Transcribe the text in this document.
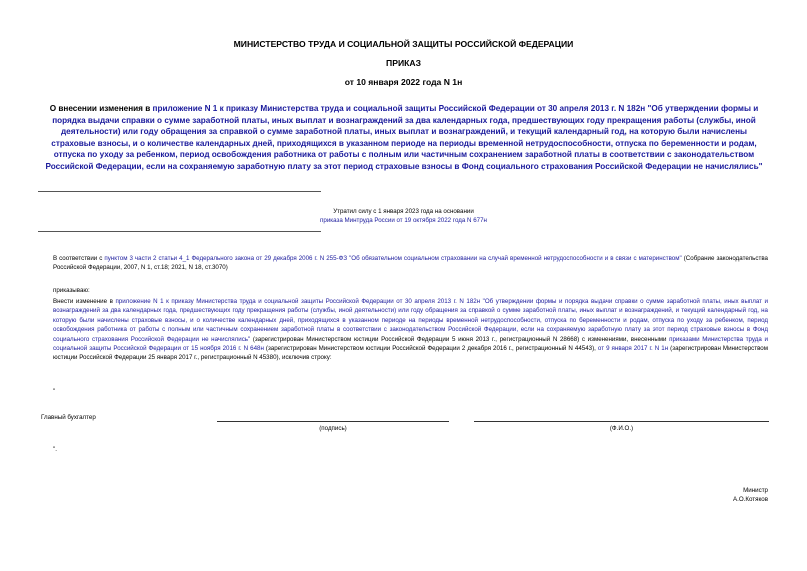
МИНИСТЕРСТВО ТРУДА И СОЦИАЛЬНОЙ ЗАЩИТЫ РОССИЙСКОЙ ФЕДЕРАЦИИ
ПРИКАЗ
от 10 января 2022 года N 1н
О внесении изменения в приложение N 1 к приказу Министерства труда и социальной защиты Российской Федерации от 30 апреля 2013 г. N 182н "Об утверждении формы и порядка выдачи справки о сумме заработной платы, иных выплат и вознаграждений за два календарных года, предшествующих году прекращения работы (службы, иной деятельности) или году обращения за справкой о сумме заработной платы, иных выплат и вознаграждений, и текущий календарный год, на которую были начислены страховые взносы, и о количестве календарных дней, приходящихся в указанном периоде на периоды временной нетрудоспособности, отпуска по беременности и родам, отпуска по уходу за ребенком, период освобождения работника от работы с полным или частичным сохранением заработной платы в соответствии с законодательством Российской Федерации, если на сохраняемую заработную плату за этот период страховые взносы в Фонд социального страхования Российской Федерации не начислялись"
Утратил силу с 1 января 2023 года на основании
приказа Минтруда России от 19 октября 2022 года N 677н
В соответствии с пунктом 3 части 2 статьи 4_1 Федерального закона от 29 декабря 2006 г. N 255-ФЗ "Об обязательном социальном страховании на случай временной нетрудоспособности и в связи с материнством" (Собрание законодательства Российской Федерации, 2007, N 1, ст.18; 2021, N 18, ст.3070)
приказываю:
Внести изменение в приложение N 1 к приказу Министерства труда и социальной защиты Российской Федерации от 30 апреля 2013 г. N 182н "Об утверждении формы и порядка выдачи справки о сумме заработной платы, иных выплат и вознаграждений за два календарных года, предшествующих году прекращения работы (службы, иной деятельности) или году обращения за справкой о сумме заработной платы, иных выплат и вознаграждений, и текущий календарный год, на которую были начислены страховые взносы, и о количестве календарных дней, приходящихся в указанном периоде на периоды временной нетрудоспособности, отпуска по беременности и родам, отпуска по уходу за ребенком, период освобождения работника от работы с полным или частичным сохранением заработной платы в соответствии с законодательством Российской Федерации, если на сохраняемую заработную плату за этот период страховые взносы в Фонд социального страхования Российской Федерации не начислялись" (зарегистрирован Министерством юстиции Российской Федерации 5 июня 2013 г., регистрационный N 28668) с изменениями, внесенными приказами Министерства труда и социальной защиты Российской Федерации от 15 ноября 2016 г. N 648н (зарегистрирован Министерством юстиции Российской Федерации 2 декабря 2016 г., регистрационный N 44543), от 9 января 2017 г. N 1н (зарегистрирован Министерством юстиции Российской Федерации 25 января 2017 г., регистрационный N 45380), исключив строку:
"
Главный бухгалтер
(подпись)	(Ф.И.О.)
".
Министр
А.О.Котяков
